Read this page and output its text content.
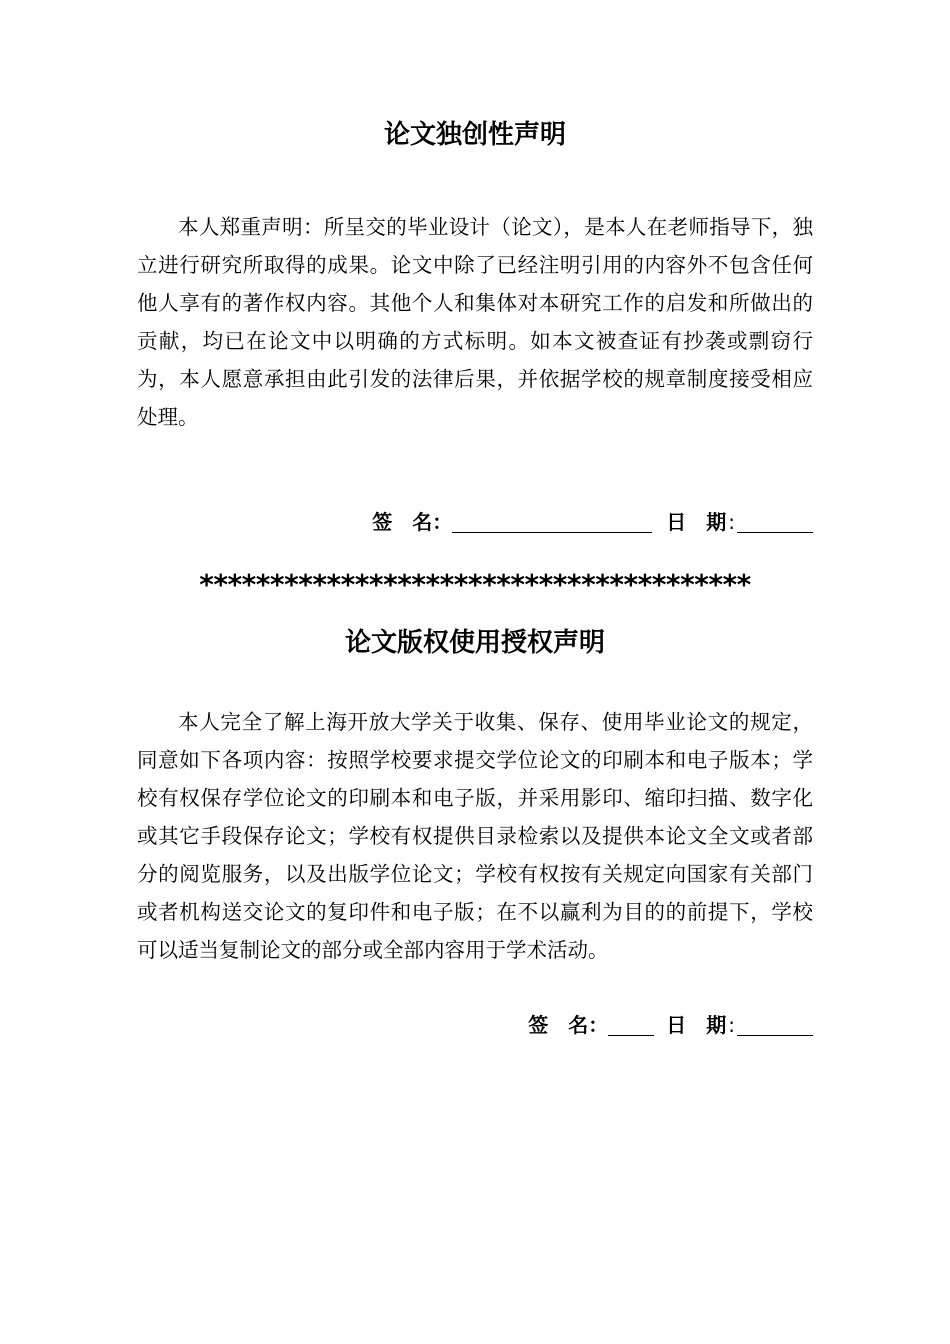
论文独创性声明

本人郑重声明：所呈交的毕业设计（论文），是本人在老师指导下，独立进行研究所取得的成果。论文中除了已经注明引用的内容外不包含任何他人享有的著作权内容。其他个人和集体对本研究工作的启发和所做出的贡献，均已在论文中以明确的方式标明。如本文被查证有抄袭或剽窃行为，本人愿意承担由此引发的法律后果，并依据学校的规章制度接受相应处理。

签　名：	日　期 :
***************************************
论文版权使用授权声明

本人完全了解上海开放大学关于收集、保存、使用毕业论文的规定，同意如下各项内容：按照学校要求提交学位论文的印刷本和电子版本；学校有权保存学位论文的印刷本和电子版，并采用影印、缩印扫描、数字化或其它手段保存论文；学校有权提供目录检索以及提供本论文全文或者部分的阅览服务，以及出版学位论文；学校有权按有关规定向国家有关部门或者机构送交论文的复印件和电子版；在不以赢利为目的的前提下，学校可以适当复制论文的部分或全部内容用于学术活动。

签　名：	日　期 :
